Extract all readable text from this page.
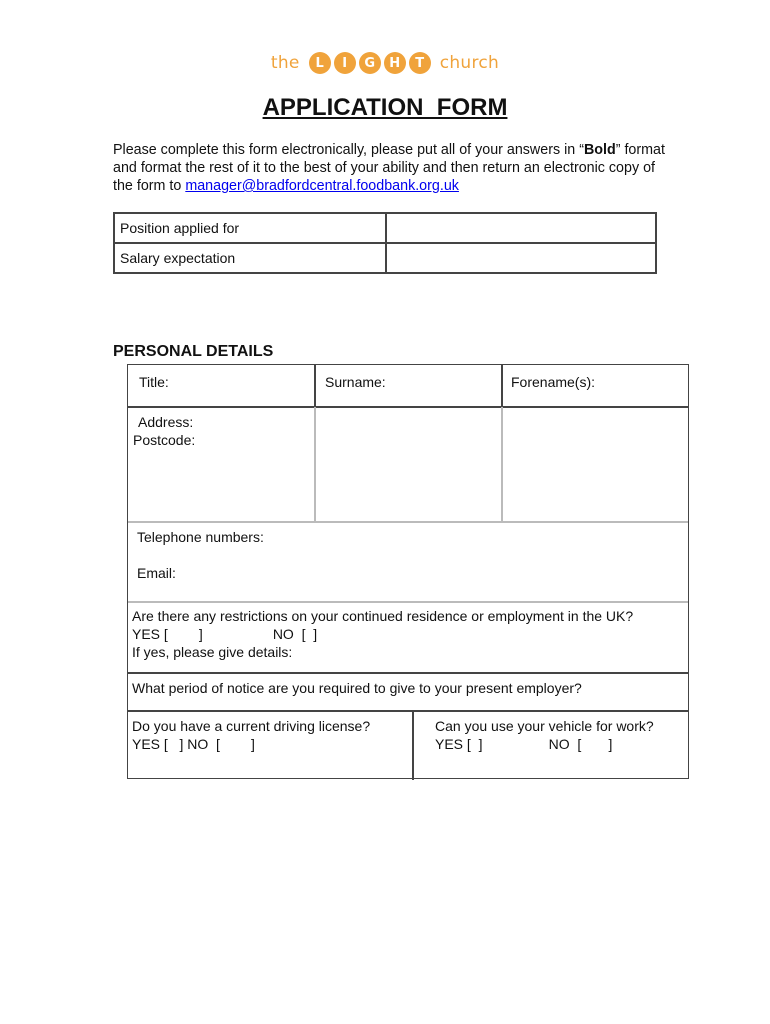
the	L	I	G	H	T church
APPLICATION  FORM
Please complete this form electronically, please put all of your answers in “Bold” format and format the rest of it to the best of your ability and then return an electronic copy of the form to manager@bradfordcentral.foodbank.org.uk
Position applied for	
Salary expectation	
PERSONAL DETAILS
Title:	Surname:	Forename(s):
Address:
Postcode:
Telephone numbers:
Email:
Are there any restrictions on your continued residence or employment in the UK?
YES [        ]                  NO  [  ]
If yes, please give details:
What period of notice are you required to give to your present employer?
Do you have a current driving license?
YES [   ] NO  [        ]
Can you use your vehicle for work?
YES [  ]                 NO  [       ]
